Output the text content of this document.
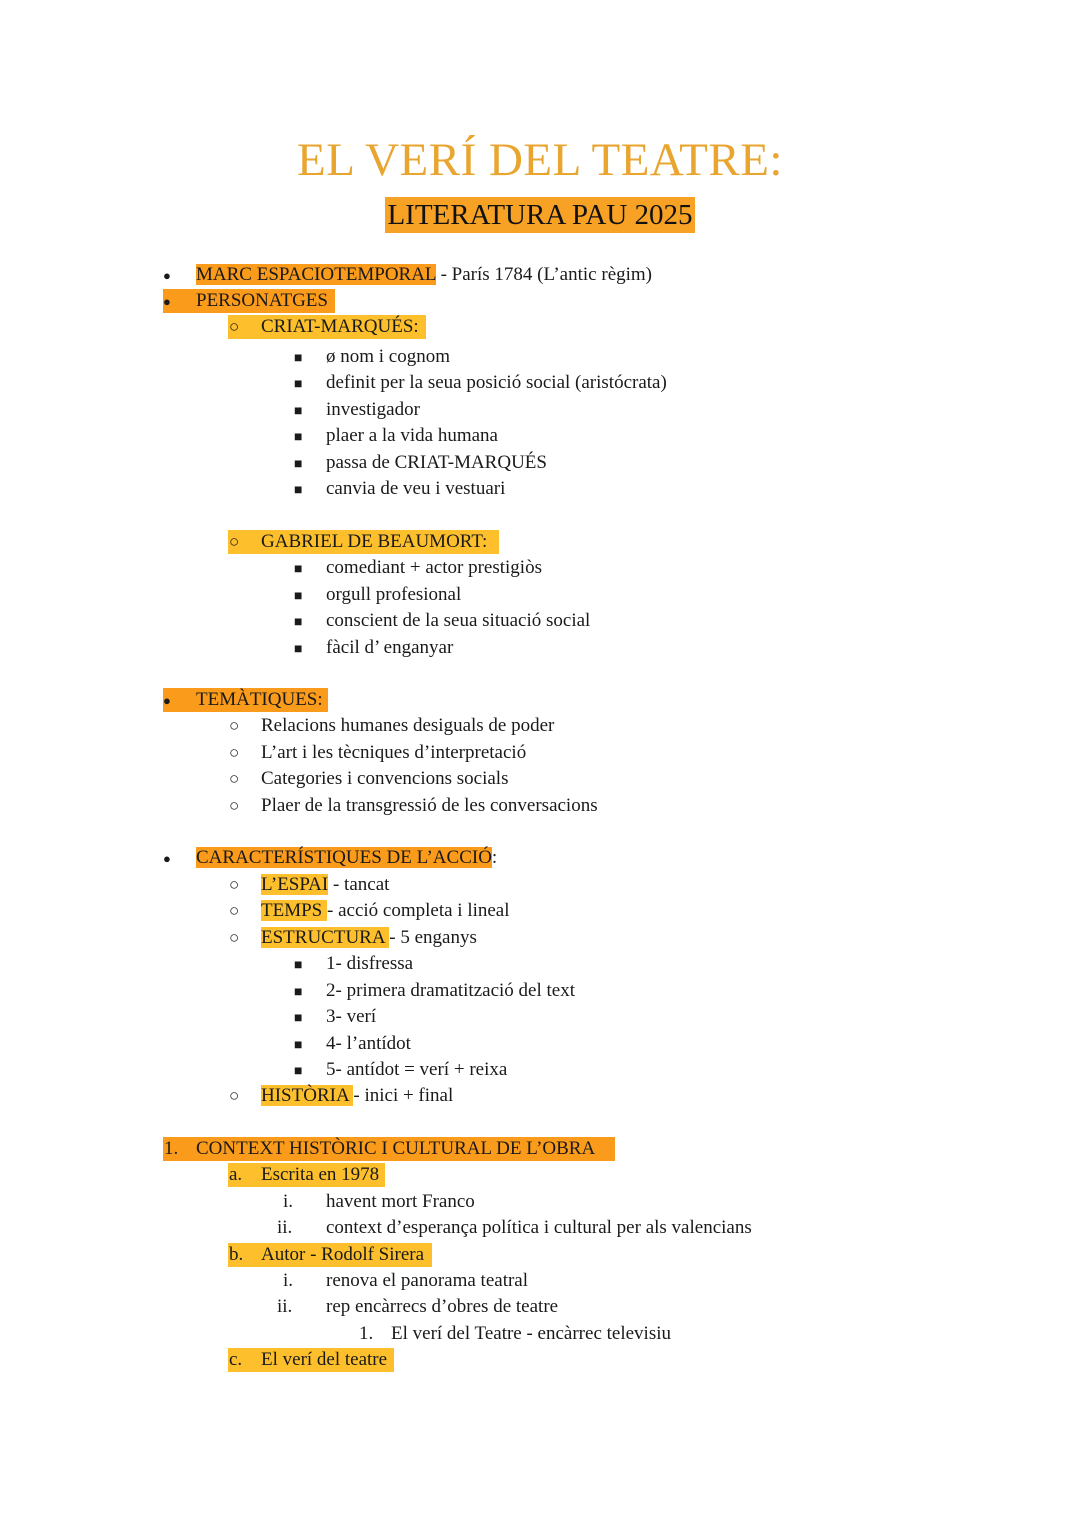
EL VERÍ DEL TEATRE:
LITERATURA PAU 2025
●
MARC ESPACIOTEMPORAL - París 1784 (L’antic règim)
●
PERSONATGES
○
CRIAT-MARQUÉS:
■
ø nom i cognom
■
definit per la seua posició social (aristócrata)
■
investigador
■
plaer a la vida humana
■
passa de CRIAT-MARQUÉS
■
canvia de veu i vestuari
○
GABRIEL DE BEAUMORT:
■
comediant + actor prestigiòs
■
orgull profesional
■
conscient de la seua situació social
■
fàcil d’ enganyar
●
TEMÀTIQUES:
○
Relacions humanes desiguals de poder
○
L’art i les tècniques d’interpretació
○
Categories i convencions socials
○
Plaer de la transgressió de les conversacions
●
CARACTERÍSTIQUES DE L’ACCIÓ:
○
L’ESPAI - tancat
○
TEMPS - acció completa i lineal
○
ESTRUCTURA - 5 enganys
■
1- disfressa
■
2- primera dramatització del text
■
3- verí
■
4- l’antídot
■
5- antídot = verí + reixa
○
HISTÒRIA - inici + final
1. CONTEXT HISTÒRIC I CULTURAL DE L’OBRA
a. Escrita en 1978
i. havent mort Franco
ii. context d’esperança política i cultural per als valencians
b. Autor - Rodolf Sirera
i. renova el panorama teatral
ii. rep encàrrecs d’obres de teatre
1. El verí del Teatre - encàrrec televisiu
c. El verí del teatre
